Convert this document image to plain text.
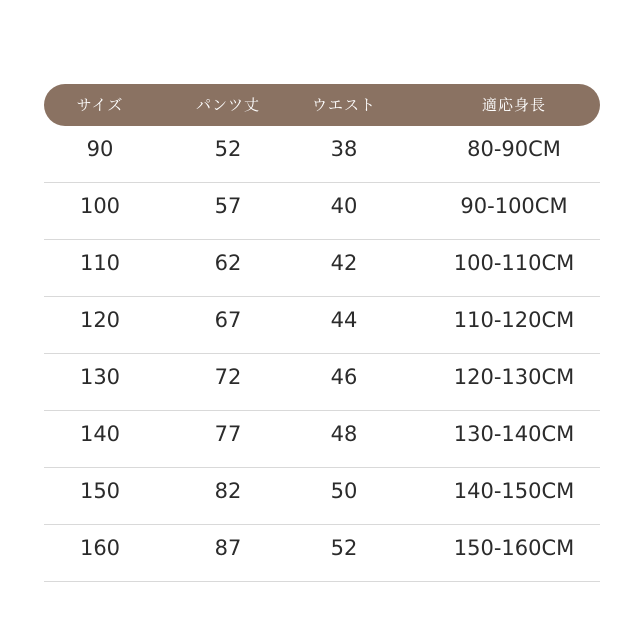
サイズ	パンツ丈	ウエスト	適応身長
90	52	38	80-90CM
100	57	40	90-100CM
110	62	42	100-110CM
120	67	44	110-120CM
130	72	46	120-130CM
140	77	48	130-140CM
150	82	50	140-150CM
160	87	52	150-160CM
